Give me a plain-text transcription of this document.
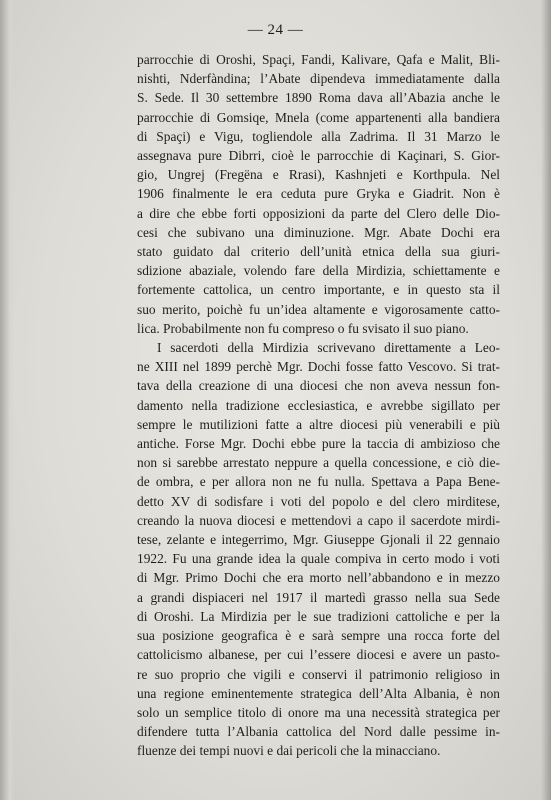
— 24 —
parrocchie di Oroshi, Spaçi, Fandi, Kalivare, Qafa e Malit, Bli-
nishti, Nderfàndina; l’Abate dipendeva immediatamente dalla
S. Sede. Il 30 settembre 1890 Roma dava all’Abazia anche le
parrocchie di Gomsiqe, Mnela (come appartenenti alla bandiera
di Spaçi) e Vigu, togliendole alla Zadrima. Il 31 Marzo le
assegnava pure Dibrri, cioè le parrocchie di Kaçinari, S. Gior-
gio, Ungrej (Fregëna e Rrasi), Kashnjeti e Korthpula. Nel
1906 finalmente le era ceduta pure Gryka e Giadrit. Non è
a dire che ebbe forti opposizioni da parte del Clero delle Dio-
cesi che subivano una diminuzione. Mgr. Abate Dochi era
stato guidato dal criterio dell’unità etnica della sua giuri-
sdizione abaziale, volendo fare della Mirdizia, schiettamente e
fortemente cattolica, un centro importante, e in questo sta il
suo merito, poichè fu un’idea altamente e vigorosamente catto-
lica. Probabilmente non fu compreso o fu svisato il suo piano.
I sacerdoti della Mirdizia scrivevano direttamente a Leo-
ne XIII nel 1899 perchè Mgr. Dochi fosse fatto Vescovo. Si trat-
tava della creazione di una diocesi che non aveva nessun fon-
damento nella tradizione ecclesiastica, e avrebbe sigillato per
sempre le mutilizioni fatte a altre diocesi più venerabili e più
antiche. Forse Mgr. Dochi ebbe pure la taccia di ambizioso che
non si sarebbe arrestato neppure a quella concessione, e ciò die-
de ombra, e per allora non ne fu nulla. Spettava a Papa Bene-
detto XV di sodisfare i voti del popolo e del clero mirditese,
creando la nuova diocesi e mettendovi a capo il sacerdote mirdi-
tese, zelante e integerrimo, Mgr. Giuseppe Gjonali il 22 gennaio
1922. Fu una grande idea la quale compiva in certo modo i voti
di Mgr. Primo Dochi che era morto nell’abbandono e in mezzo
a grandi dispiaceri nel 1917 il martedì grasso nella sua Sede
di Oroshi. La Mirdizia per le sue tradizioni cattoliche e per la
sua posizione geografica è e sarà sempre una rocca forte del
cattolicismo albanese, per cui l’essere diocesi e avere un pasto-
re suo proprio che vigili e conservi il patrimonio religioso in
una regione eminentemente strategica dell’Alta Albania, è non
solo un semplice titolo di onore ma una necessità strategica per
difendere tutta l’Albania cattolica del Nord dalle pessime in-
fluenze dei tempi nuovi e dai pericoli che la minacciano.
